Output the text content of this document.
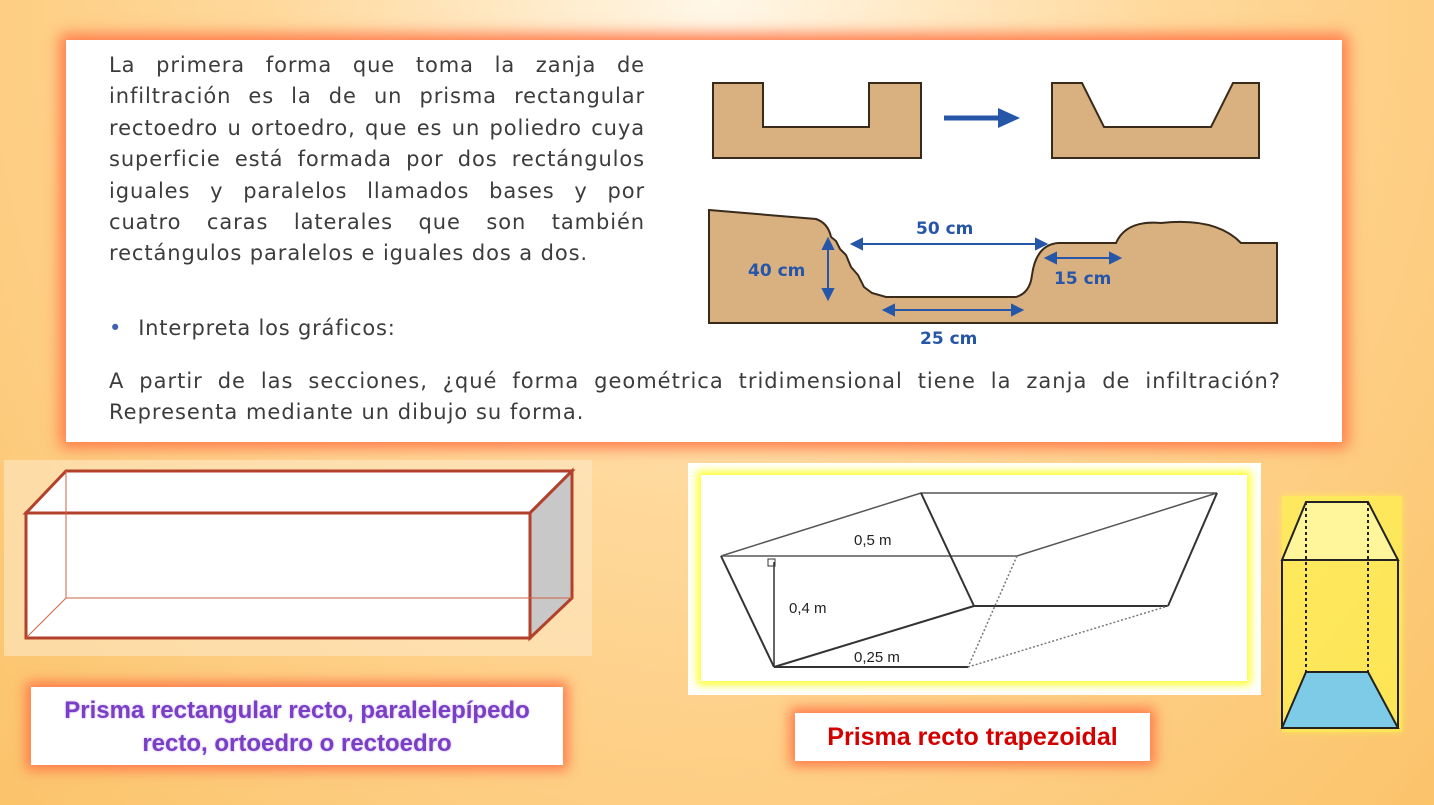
La primera forma que toma la zanja de infiltración es la de un prisma rectangular rectoedro u ortoedro, que es un poliedro cuya superficie está formada por dos rectángulos iguales y paralelos llamados bases y por cuatro caras laterales que son también rectángulos paralelos e iguales dos a dos.
• Interpreta los gráficos:
A partir de las secciones, ¿qué forma geométrica tridimensional tiene la zanja de infiltración? Representa mediante un dibujo su forma.
50 cm
40 cm	15 cm
25 cm
Prisma rectangular recto, paralelepípedo recto, ortoedro o rectoedro
0,5 m
0,4 m
0,25 m
Prisma recto trapezoidal
